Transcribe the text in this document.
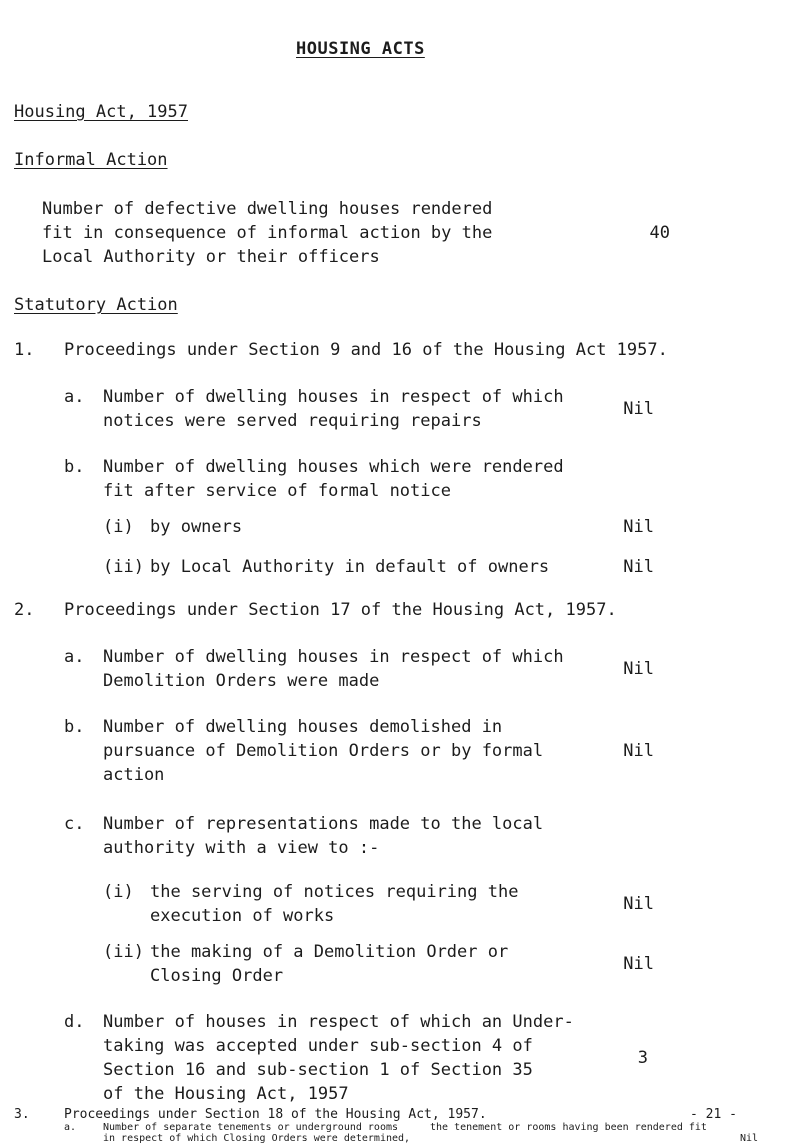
HOUSING ACTS
Housing Act, 1957
Informal Action
Number of defective dwelling houses rendered
fit in consequence of informal action by the
Local Authority or their officers
40
Statutory Action
1. Proceedings under Section 9 and 16 of the Housing Act 1957.
a. Number of dwelling houses in respect of which
notices were served requiring repairs
Nil
b. Number of dwelling houses which were rendered
fit after service of formal notice
(i) by owners	Nil
(ii) by Local Authority in default of owners	Nil
2. Proceedings under Section 17 of the Housing Act, 1957.
a. Number of dwelling houses in respect of which
Demolition Orders were made
Nil
b. Number of dwelling houses demolished in
pursuance of Demolition Orders or by formal
action
Nil
c. Number of representations made to the local
authority with a view to :-
(i) the serving of notices requiring the
execution of works
Nil
(ii) the making of a Demolition Order or
Closing Order
Nil
d. Number of houses in respect of which an Under-
taking was accepted under sub-section 4 of
Section 16 and sub-section 1 of Section 35
of the Housing Act, 1957
3
3.	Proceedings under Section 18 of the Housing Act, 1957.
a.	Number of separate tenements or underground rooms
in respect of which Closing Orders were determined,
the tenement or rooms having been rendered fit
Nil
- 21 -
